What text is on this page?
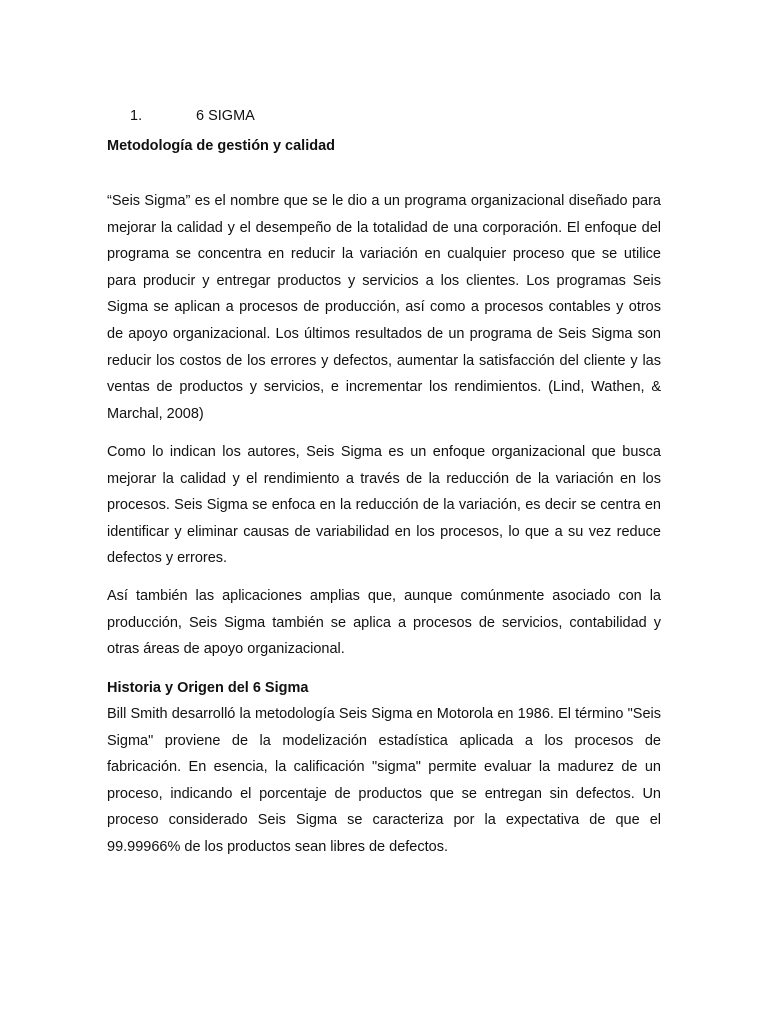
1.	6 SIGMA
Metodología de gestión y calidad

“Seis Sigma” es el nombre que se le dio a un programa organizacional diseñado para mejorar la calidad y el desempeño de la totalidad de una corporación. El enfoque del programa se concentra en reducir la variación en cualquier proceso que se utilice para producir y entregar productos y servicios a los clientes. Los programas Seis Sigma se aplican a procesos de producción, así como a procesos contables y otros de apoyo organizacional. Los últimos resultados de un programa de Seis Sigma son reducir los costos de los errores y defectos, aumentar la satisfacción del cliente y las ventas de productos y servicios, e incrementar los rendimientos. (Lind, Wathen, & Marchal, 2008)

Como lo indican los autores, Seis Sigma es un enfoque organizacional que busca mejorar la calidad y el rendimiento a través de la reducción de la variación en los procesos. Seis Sigma se enfoca en la reducción de la variación, es decir se centra en identificar y eliminar causas de variabilidad en los procesos, lo que a su vez reduce defectos y errores.

Así también las aplicaciones amplias que, aunque comúnmente asociado con la producción, Seis Sigma también se aplica a procesos de servicios, contabilidad y otras áreas de apoyo organizacional.

Historia y Origen del 6 Sigma

Bill Smith desarrolló la metodología Seis Sigma en Motorola en 1986. El término "Seis Sigma" proviene de la modelización estadística aplicada a los procesos de fabricación. En esencia, la calificación "sigma" permite evaluar la madurez de un proceso, indicando el porcentaje de productos que se entregan sin defectos. Un proceso considerado Seis Sigma se caracteriza por la expectativa de que el 99.99966% de los productos sean libres de defectos.
